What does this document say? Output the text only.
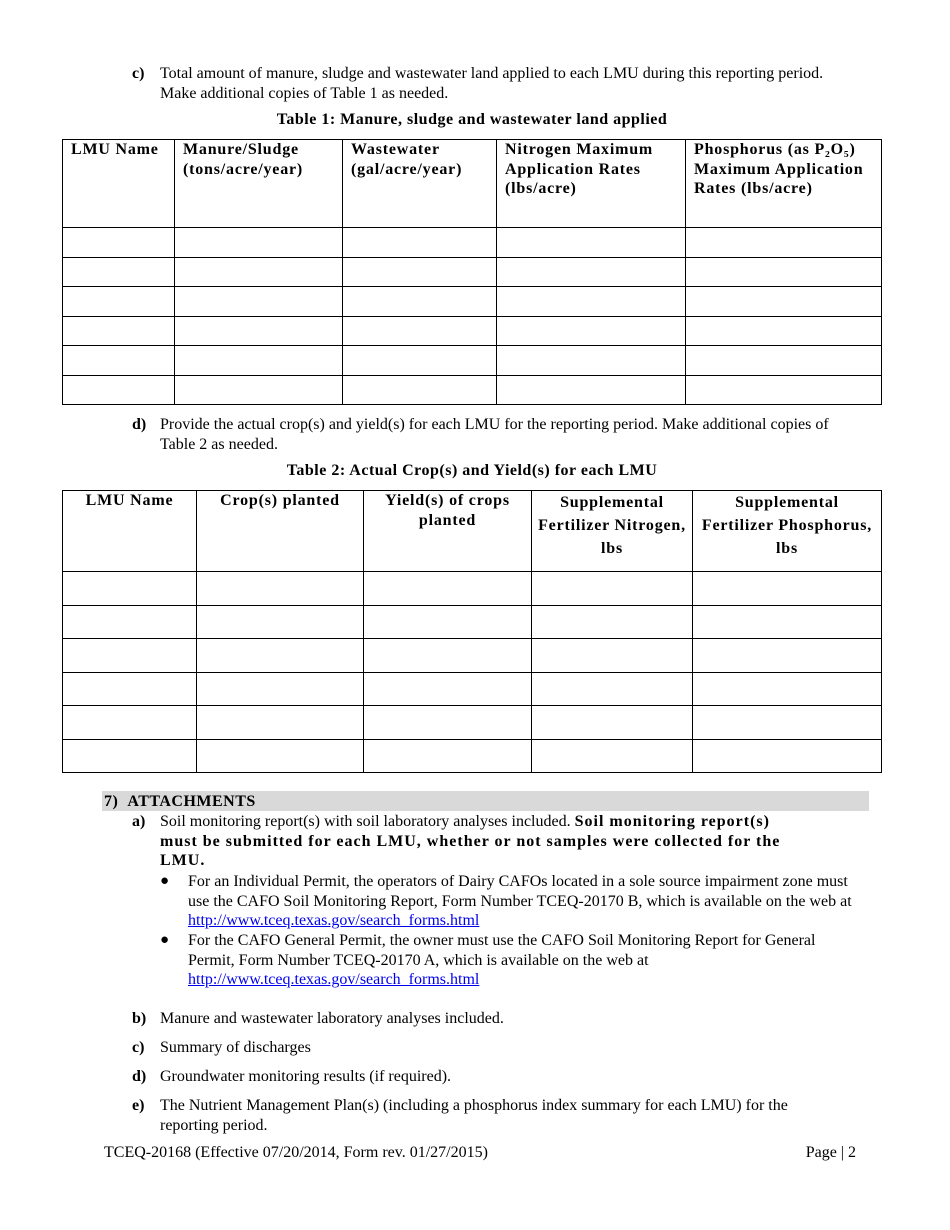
c) Total amount of manure, sludge and wastewater land applied to each LMU during this reporting period. Make additional copies of Table 1 as needed.
Table 1: Manure, sludge and wastewater land applied
LMU Name	Manure/Sludge (tons/acre/year)	Wastewater (gal/acre/year)	Nitrogen Maximum Application Rates (lbs/acre)	Phosphorus (as P₂O₅) Maximum Application Rates (lbs/acre)

d) Provide the actual crop(s) and yield(s) for each LMU for the reporting period. Make additional copies of Table 2 as needed.
Table 2: Actual Crop(s) and Yield(s) for each LMU
LMU Name	Crop(s) planted	Yield(s) of crops planted	Supplemental Fertilizer Nitrogen, lbs	Supplemental Fertilizer Phosphorus, lbs

7) ATTACHMENTS
a) Soil monitoring report(s) with soil laboratory analyses included. Soil monitoring report(s) must be submitted for each LMU, whether or not samples were collected for the LMU.
●	For an Individual Permit, the operators of Dairy CAFOs located in a sole source impairment zone must use the CAFO Soil Monitoring Report, Form Number TCEQ-20170 B, which is available on the web at http://www.tceq.texas.gov/search_forms.html
●	For the CAFO General Permit, the owner must use the CAFO Soil Monitoring Report for General Permit, Form Number TCEQ-20170 A, which is available on the web at http://www.tceq.texas.gov/search_forms.html
b) Manure and wastewater laboratory analyses included.
c) Summary of discharges
d) Groundwater monitoring results (if required).
e) The Nutrient Management Plan(s) (including a phosphorus index summary for each LMU) for the reporting period.
TCEQ-20168 (Effective 07/20/2014, Form rev. 01/27/2015)	Page | 2
